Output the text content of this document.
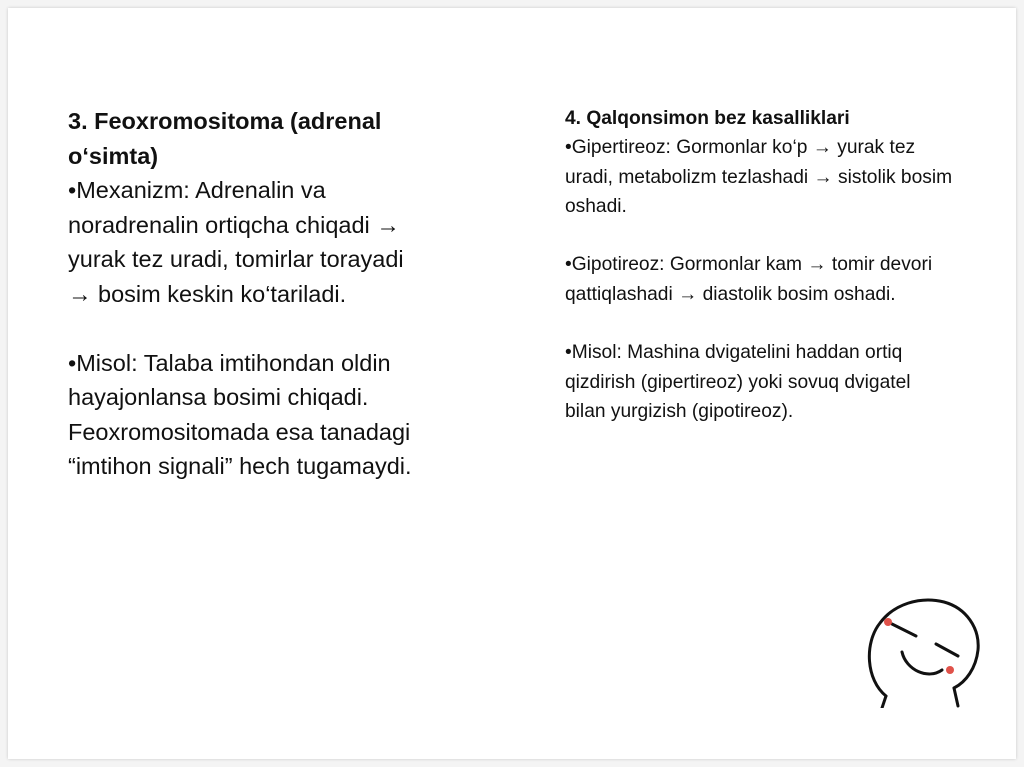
3. Feoxromositoma (adrenal o‘simta)

•Mexanizm: Adrenalin va noradrenalin ortiqcha chiqadi → yurak tez uradi, tomirlar torayadi → bosim keskin ko‘tariladi.

•Misol: Talaba imtihondan oldin hayajonlansa bosimi chiqadi. Feoxromositomada esa tanadagi “imtihon signali” hech tugamaydi.

4. Qalqonsimon bez kasalliklari

•Gipertireoz: Gormonlar ko‘p → yurak tez uradi, metabolizm tezlashadi → sistolik bosim oshadi.

•Gipotireoz: Gormonlar kam → tomir devori qattiqlashadi → diastolik bosim oshadi.

•Misol: Mashina dvigatelini haddan ortiq qizdirish (gipertireoz) yoki sovuq dvigatel bilan yurgizish (gipotireoz).
